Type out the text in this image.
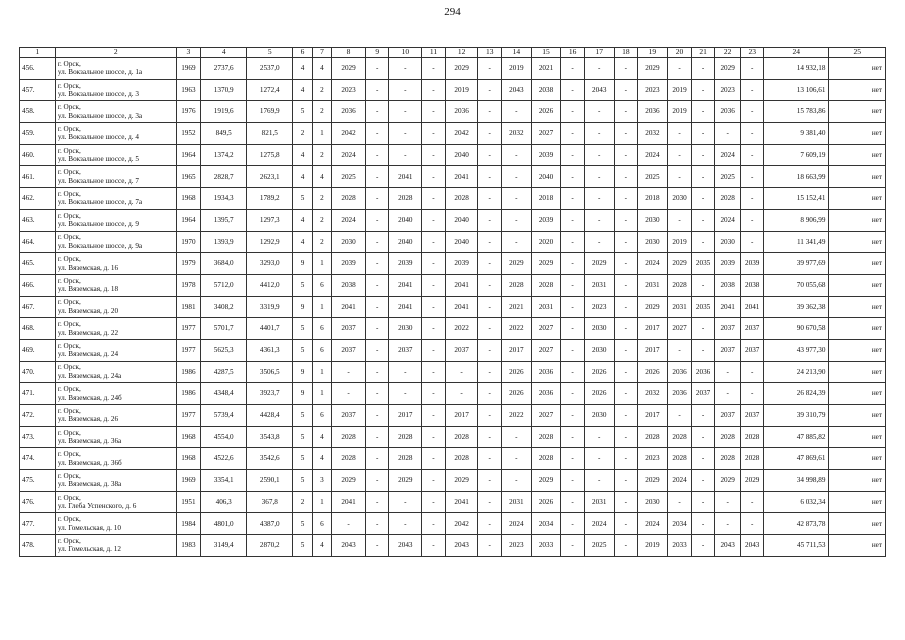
294
1	2	3	4	5	6	7	8	9	10	11	12	13	14	15	16	17	18	19	20	21	22	23	24	25
456.	г. Орск,
ул. Вокзальное шоссе, д. 1а	1969	2737,6	2537,0	4	4	2029	-	-	-	2029	-	2019	2021	-	-	-	2029	-	-	2029	-	14 932,18	нет
457.	г. Орск,
ул. Вокзальное шоссе, д. 3	1963	1370,9	1272,4	4	2	2023	-	-	-	2019	-	2043	2038	-	2043	-	2023	2019	-	2023	-	13 106,61	нет
458.	г. Орск,
ул. Вокзальное шоссе, д. 3а	1976	1919,6	1769,9	5	2	2036	-	-	-	2036	-	-	2026	-	-	-	2036	2019	-	2036	-	15 783,86	нет
459.	г. Орск,
ул. Вокзальное шоссе, д. 4	1952	849,5	821,5	2	1	2042	-	-	-	2042	-	2032	2027	-	-	-	2032	-	-	-	-	9 381,40	нет
460.	г. Орск,
ул. Вокзальное шоссе, д. 5	1964	1374,2	1275,8	4	2	2024	-	-	-	2040	-	-	2039	-	-	-	2024	-	-	2024	-	7 609,19	нет
461.	г. Орск,
ул. Вокзальное шоссе, д. 7	1965	2828,7	2623,1	4	4	2025	-	2041	-	2041	-	-	2040	-	-	-	2025	-	-	2025	-	18 663,99	нет
462.	г. Орск,
ул. Вокзальное шоссе, д. 7а	1968	1934,3	1789,2	5	2	2028	-	2028	-	2028	-	-	2018	-	-	-	2018	2030	-	2028	-	15 152,41	нет
463.	г. Орск,
ул. Вокзальное шоссе, д. 9	1964	1395,7	1297,3	4	2	2024	-	2040	-	2040	-	-	2039	-	-	-	2030	-	-	2024	-	8 906,99	нет
464.	г. Орск,
ул. Вокзальное шоссе, д. 9а	1970	1393,9	1292,9	4	2	2030	-	2040	-	2040	-	-	2020	-	-	-	2030	2019	-	2030	-	11 341,49	нет
465.	г. Орск,
ул. Вяземская, д. 16	1979	3684,0	3293,0	9	1	2039	-	2039	-	2039	-	2029	2029	-	2029	-	2024	2029	2035	2039	2039	39 977,69	нет
466.	г. Орск,
ул. Вяземская, д. 18	1978	5712,0	4412,0	5	6	2038	-	2041	-	2041	-	2028	2028	-	2031	-	2031	2028	-	2038	2038	70 055,68	нет
467.	г. Орск,
ул. Вяземская, д. 20	1981	3408,2	3319,9	9	1	2041	-	2041	-	2041	-	2021	2031	-	2023	-	2029	2031	2035	2041	2041	39 362,38	нет
468.	г. Орск,
ул. Вяземская, д. 22	1977	5701,7	4401,7	5	6	2037	-	2030	-	2022	-	2022	2027	-	2030	-	2017	2027	-	2037	2037	90 670,58	нет
469.	г. Орск,
ул. Вяземская, д. 24	1977	5625,3	4361,3	5	6	2037	-	2037	-	2037	-	2017	2027	-	2030	-	2017	-	-	2037	2037	43 977,30	нет
470.	г. Орск,
ул. Вяземская, д. 24а	1986	4287,5	3506,5	9	1	-	-	-	-	-	-	2026	2036	-	2026	-	2026	2036	2036	-	-	24 213,90	нет
471.	г. Орск,
ул. Вяземская, д. 24б	1986	4348,4	3923,7	9	1	-	-	-	-	-	-	2026	2036	-	2026	-	2032	2036	2037	-	-	26 824,39	нет
472.	г. Орск,
ул. Вяземская, д. 26	1977	5739,4	4428,4	5	6	2037	-	2017	-	2017	-	2022	2027	-	2030	-	2017	-	-	2037	2037	39 310,79	нет
473.	г. Орск,
ул. Вяземская, д. 36а	1968	4554,0	3543,8	5	4	2028	-	2028	-	2028	-	-	2028	-	-	-	2028	2028	-	2028	2028	47 885,82	нет
474.	г. Орск,
ул. Вяземская, д. 36б	1968	4522,6	3542,6	5	4	2028	-	2028	-	2028	-	-	2028	-	-	-	2023	2028	-	2028	2028	47 869,61	нет
475.	г. Орск,
ул. Вяземская, д. 38а	1969	3354,1	2590,1	5	3	2029	-	2029	-	2029	-	-	2029	-	-	-	2029	2024	-	2029	2029	34 998,89	нет
476.	г. Орск,
ул. Глеба Успенского, д. 6	1951	406,3	367,8	2	1	2041	-	-	-	2041	-	2031	2026	-	2031	-	2030	-	-	-	-	6 032,34	нет
477.	г. Орск,
ул. Гомельская, д. 10	1984	4801,0	4387,0	5	6	-	-	-	-	2042	-	2024	2034	-	2024	-	2024	2034	-	-	-	42 873,78	нет
478.	г. Орск,
ул. Гомельская, д. 12	1983	3149,4	2870,2	5	4	2043	-	2043	-	2043	-	2023	2033	-	2025	-	2019	2033	-	2043	2043	45 711,53	нет
